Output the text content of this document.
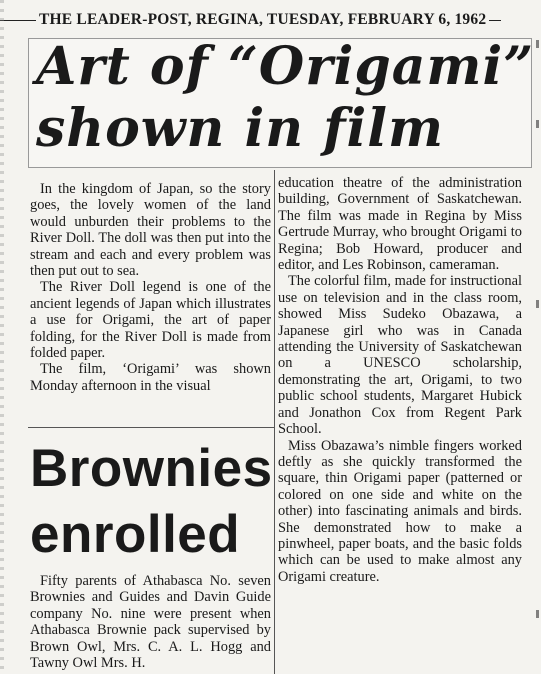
THE LEADER-POST, REGINA, TUESDAY, FEBRUARY 6, 1962
Art of “Origami”
shown in film

In the kingdom of Japan, so the story goes, the lovely women of the land would unburden their problems to the River Doll. The doll was then put into the stream and each and every problem was then put out to sea.

The River Doll legend is one of the ancient legends of Japan which illustrates a use for Origami, the art of paper folding, for the River Doll is made from folded paper.

The film, ‘Origami’ was shown Monday afternoon in the visual

education theatre of the administration building, Government of Saskatchewan. The film was made in Regina by Miss Gertrude Murray, who brought Origami to Regina; Bob Howard, producer and editor, and Les Robinson, cameraman.

The colorful film, made for instructional use on television and in the class room, showed Miss Sudeko Obazawa, a Japanese girl who was in Canada attending the University of Saskatchewan on a UNESCO scholarship, demonstrating the art, Origami, to two public school students, Margaret Hubick and Jonathon Cox from Regent Park School.

Miss Obazawa’s nimble fingers worked deftly as she quickly transformed the square, thin Origami paper (patterned or colored on one side and white on the other) into fascinating animals and birds. She demonstrated how to make a pinwheel, paper boats, and the basic folds which can be used to make almost any Origami creature.

Brownies
enrolled

Fifty parents of Athabasca No. seven Brownies and Guides and Davin Guide company No. nine were present when Athabasca Brownie pack supervised by Brown Owl, Mrs. C. A. L. Hogg and Tawny Owl Mrs. H.
